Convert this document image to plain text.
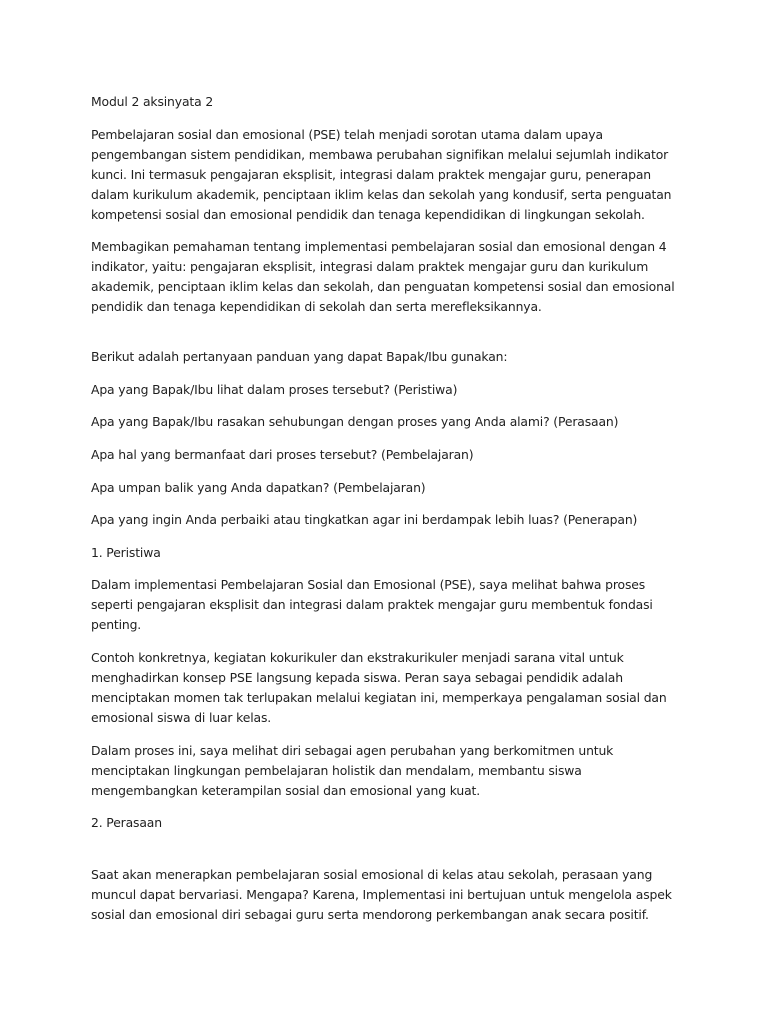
Modul 2 aksinyata 2

Pembelajaran sosial dan emosional (PSE) telah menjadi sorotan utama dalam upaya pengembangan sistem pendidikan, membawa perubahan signifikan melalui sejumlah indikator kunci. Ini termasuk pengajaran eksplisit, integrasi dalam praktek mengajar guru, penerapan dalam kurikulum akademik, penciptaan iklim kelas dan sekolah yang kondusif, serta penguatan kompetensi sosial dan emosional pendidik dan tenaga kependidikan di lingkungan sekolah.

Membagikan pemahaman tentang implementasi pembelajaran sosial dan emosional dengan 4 indikator, yaitu: pengajaran eksplisit, integrasi dalam praktek mengajar guru dan kurikulum akademik, penciptaan iklim kelas dan sekolah, dan penguatan kompetensi sosial dan emosional pendidik dan tenaga kependidikan di sekolah dan serta merefleksikannya.

Berikut adalah pertanyaan panduan yang dapat Bapak/Ibu gunakan:

Apa yang Bapak/Ibu lihat dalam proses tersebut? (Peristiwa)

Apa yang Bapak/Ibu rasakan sehubungan dengan proses yang Anda alami? (Perasaan)

Apa hal yang bermanfaat dari proses tersebut? (Pembelajaran)

Apa umpan balik yang Anda dapatkan? (Pembelajaran)

Apa yang ingin Anda perbaiki atau tingkatkan agar ini berdampak lebih luas? (Penerapan)

1. Peristiwa

Dalam implementasi Pembelajaran Sosial dan Emosional (PSE), saya melihat bahwa proses seperti pengajaran eksplisit dan integrasi dalam praktek mengajar guru membentuk fondasi penting.

Contoh konkretnya, kegiatan kokurikuler dan ekstrakurikuler menjadi sarana vital untuk menghadirkan konsep PSE langsung kepada siswa. Peran saya sebagai pendidik adalah menciptakan momen tak terlupakan melalui kegiatan ini, memperkaya pengalaman sosial dan emosional siswa di luar kelas.

Dalam proses ini, saya melihat diri sebagai agen perubahan yang berkomitmen untuk menciptakan lingkungan pembelajaran holistik dan mendalam, membantu siswa mengembangkan keterampilan sosial dan emosional yang kuat.

2. Perasaan

Saat akan menerapkan pembelajaran sosial emosional di kelas atau sekolah, perasaan yang muncul dapat bervariasi. Mengapa? Karena, Implementasi ini bertujuan untuk mengelola aspek sosial dan emosional diri sebagai guru serta mendorong perkembangan anak secara positif.
